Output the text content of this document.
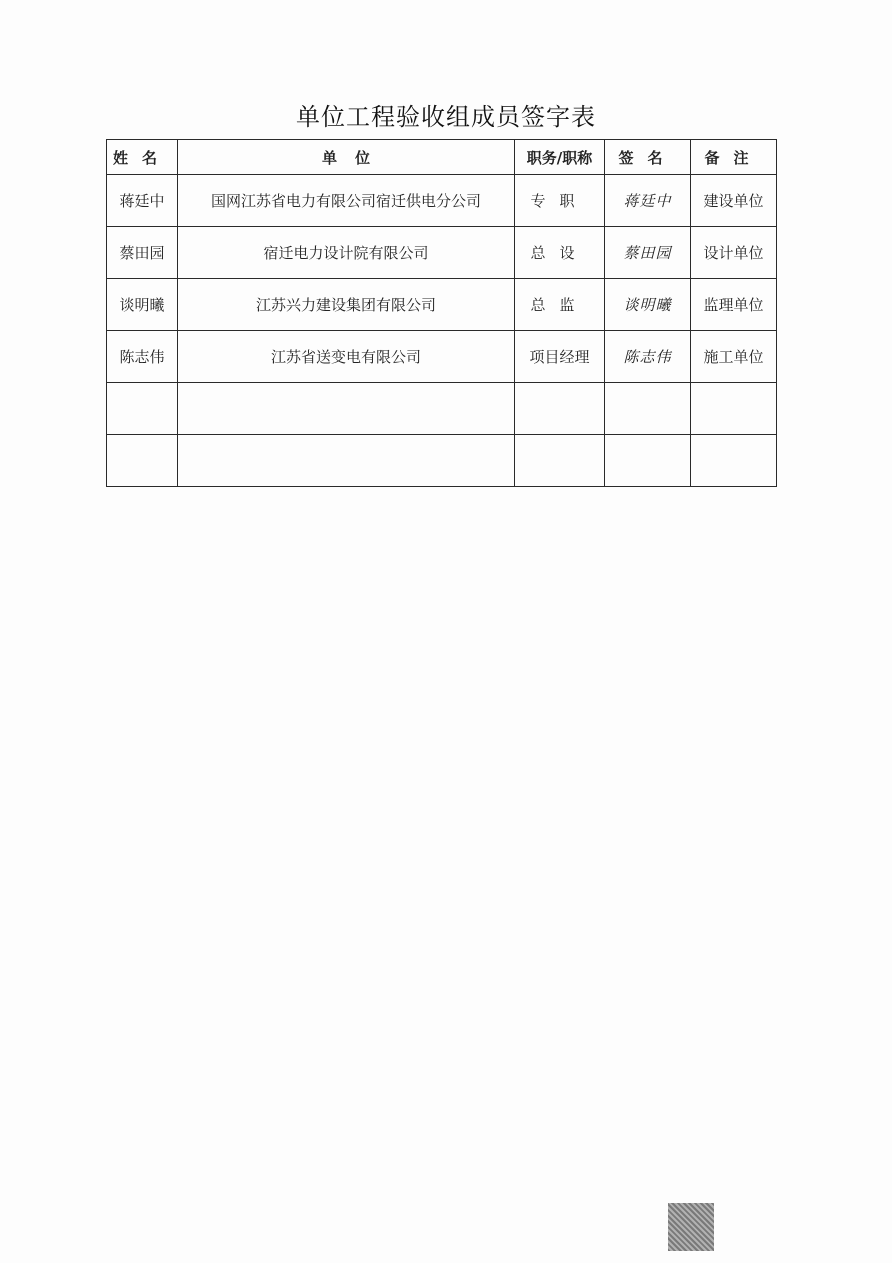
单位工程验收组成员签字表
姓名	单位	职务/职称	签名	备注
蒋廷中	国网江苏省电力有限公司宿迁供电分公司	专职	蒋廷中	建设单位
蔡田园	宿迁电力设计院有限公司	总设	蔡田园	设计单位
谈明曦	江苏兴力建设集团有限公司	总监	谈明曦	监理单位
陈志伟	江苏省送变电有限公司	项目经理	陈志伟	施工单位
